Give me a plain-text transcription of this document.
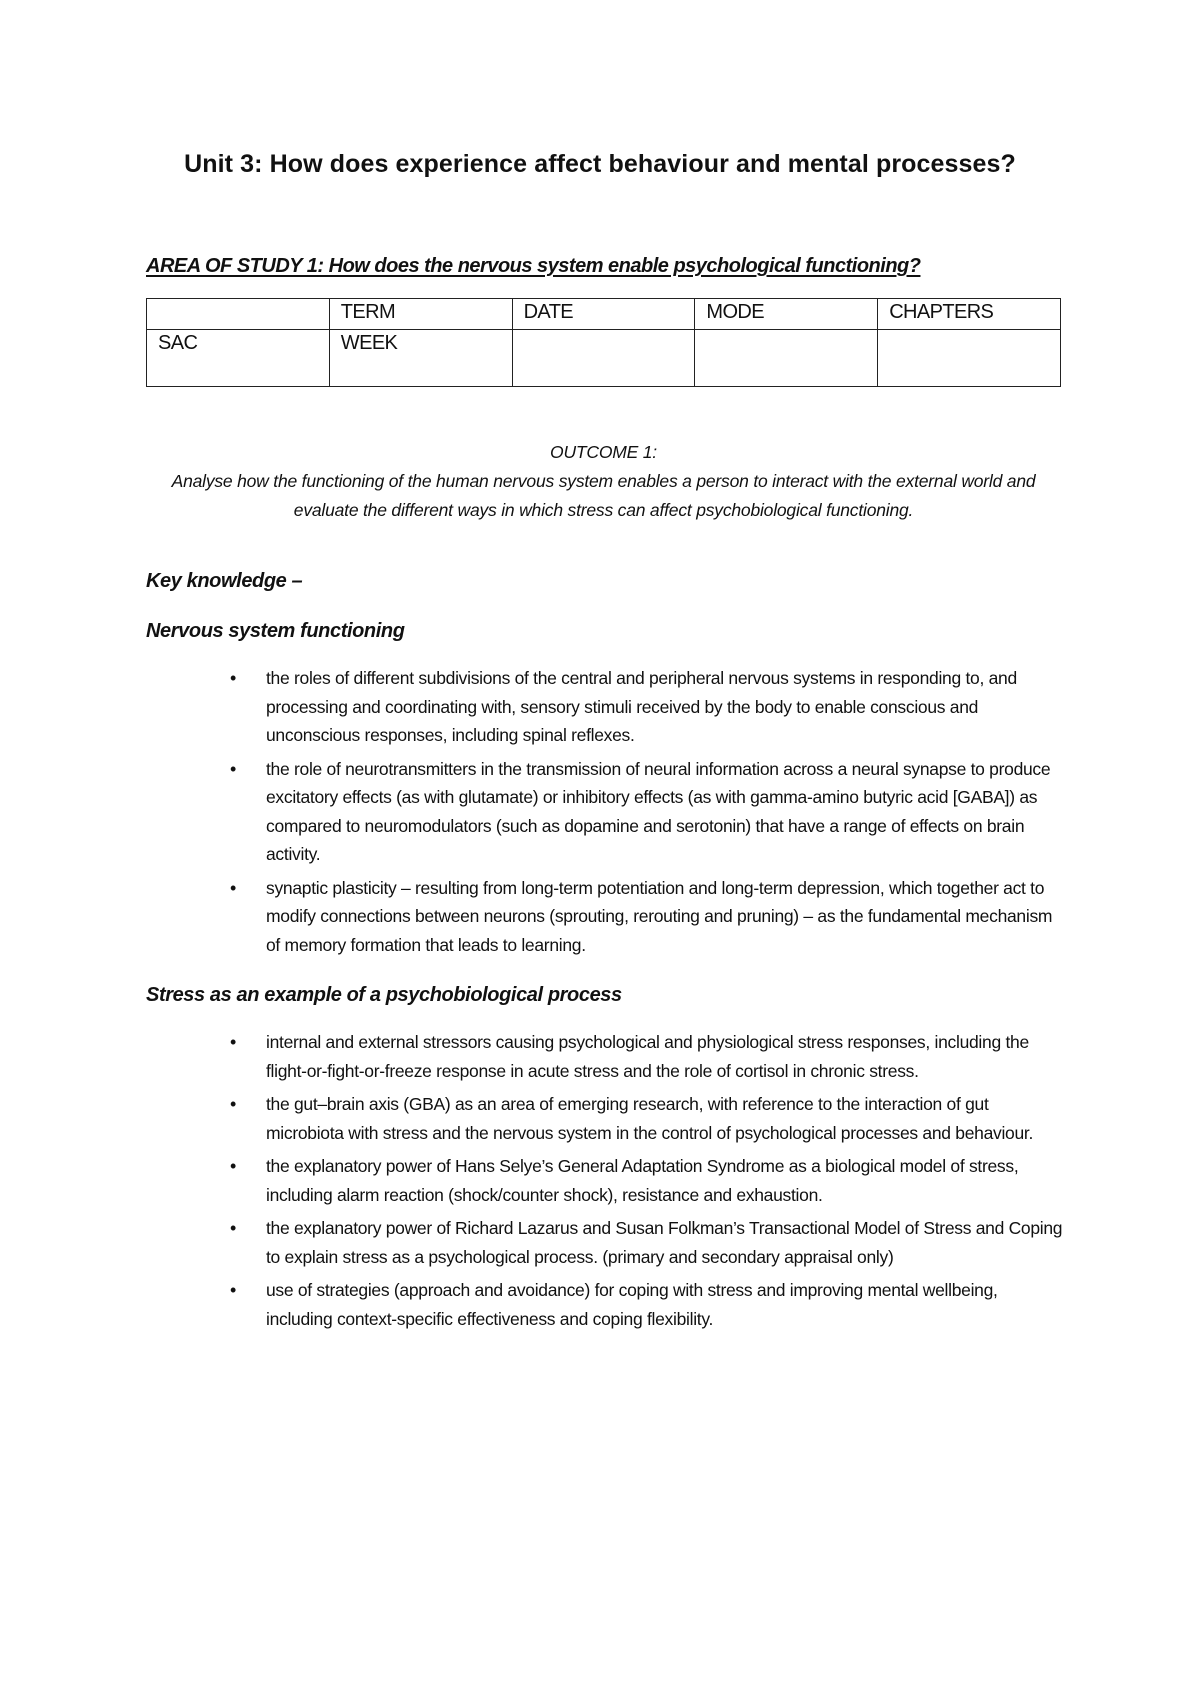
Unit 3: How does experience affect behaviour and mental processes?
AREA OF STUDY 1: How does the nervous system enable psychological functioning?
	TERM	DATE	MODE	CHAPTERS
SAC	WEEK			
OUTCOME 1:
Analyse how the functioning of the human nervous system enables a person to interact with the external world and evaluate the different ways in which stress can affect psychobiological functioning.
Key knowledge –
Nervous system functioning
• the roles of different subdivisions of the central and peripheral nervous systems in responding to, and processing and coordinating with, sensory stimuli received by the body to enable conscious and unconscious responses, including spinal reflexes.
• the role of neurotransmitters in the transmission of neural information across a neural synapse to produce excitatory effects (as with glutamate) or inhibitory effects (as with gamma-amino butyric acid [GABA]) as compared to neuromodulators (such as dopamine and serotonin) that have a range of effects on brain activity.
• synaptic plasticity – resulting from long-term potentiation and long-term depression, which together act to modify connections between neurons (sprouting, rerouting and pruning) – as the fundamental mechanism of memory formation that leads to learning.
Stress as an example of a psychobiological process
• internal and external stressors causing psychological and physiological stress responses, including the flight-or-fight-or-freeze response in acute stress and the role of cortisol in chronic stress.
• the gut–brain axis (GBA) as an area of emerging research, with reference to the interaction of gut microbiota with stress and the nervous system in the control of psychological processes and behaviour.
• the explanatory power of Hans Selye’s General Adaptation Syndrome as a biological model of stress, including alarm reaction (shock/counter shock), resistance and exhaustion.
• the explanatory power of Richard Lazarus and Susan Folkman’s Transactional Model of Stress and Coping to explain stress as a psychological process. (primary and secondary appraisal only)
• use of strategies (approach and avoidance) for coping with stress and improving mental wellbeing, including context-specific effectiveness and coping flexibility.
